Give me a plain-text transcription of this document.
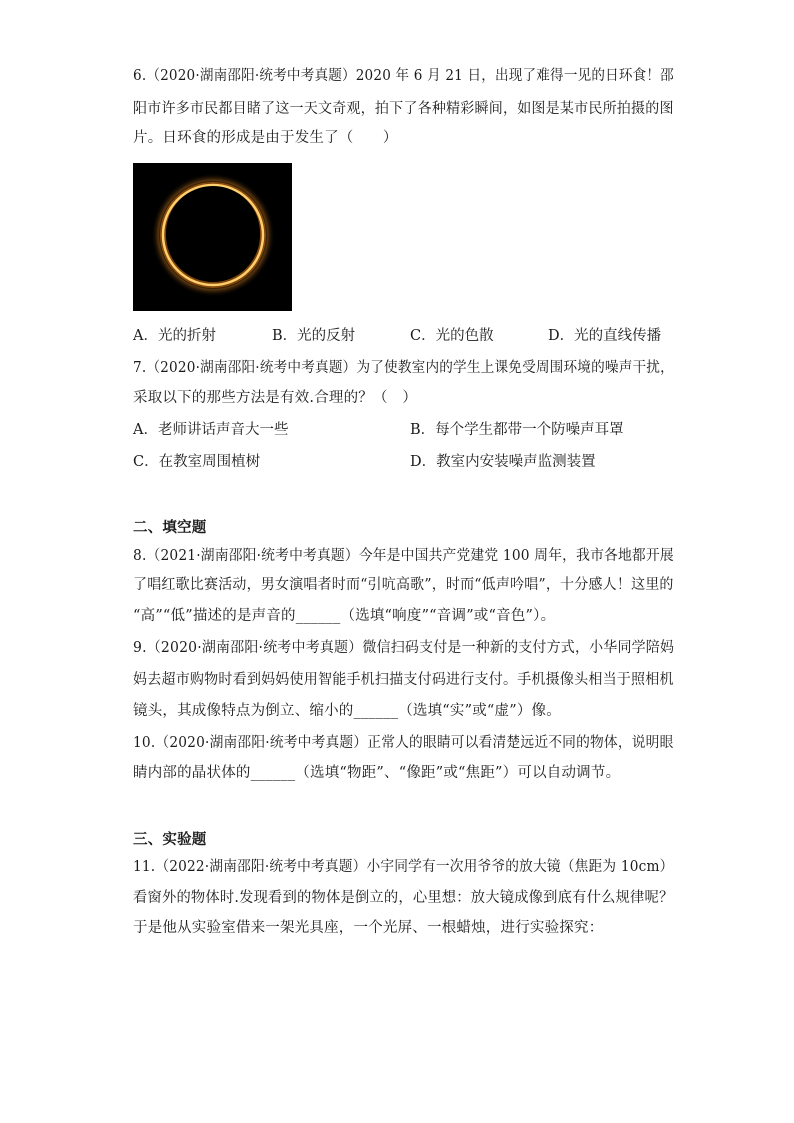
6.（2020·湖南邵阳·统考中考真题）2020 年 6 月 21 日，出现了难得一见的日环食！邵
阳市许多市民都目睹了这一天文奇观，拍下了各种精彩瞬间，如图是某市民所拍摄的图
片。日环食的形成是由于发生了（　　）
A．光的折射	B．光的反射	C．光的色散	D．光的直线传播
7.（2020·湖南邵阳·统考中考真题）为了使教室内的学生上课免受周围环境的噪声干扰，
采取以下的那些方法是有效.合理的？（　）
A．老师讲话声音大一些	B．每个学生都带一个防噪声耳罩
C．在教室周围植树	D．教室内安装噪声监测装置
二、填空题
8.（2021·湖南邵阳·统考中考真题）今年是中国共产党建党 100 周年，我市各地都开展
了唱红歌比赛活动，男女演唱者时而“引吭高歌”，时而“低声吟唱”，十分感人！这里的
“高”“低”描述的是声音的______（选填“响度”“音调”或“音色”）。
9.（2020·湖南邵阳·统考中考真题）微信扫码支付是一种新的支付方式，小华同学陪妈
妈去超市购物时看到妈妈使用智能手机扫描支付码进行支付。手机摄像头相当于照相机
镜头，其成像特点为倒立、缩小的______（选填“实”或“虚”）像。
10.（2020·湖南邵阳·统考中考真题）正常人的眼睛可以看清楚远近不同的物体，说明眼
睛内部的晶状体的______（选填“物距”、“像距”或“焦距”）可以自动调节。
三、实验题
11.（2022·湖南邵阳·统考中考真题）小宇同学有一次用爷爷的放大镜（焦距为 10cm）
看窗外的物体时.发现看到的物体是倒立的，心里想：放大镜成像到底有什么规律呢？
于是他从实验室借来一架光具座，一个光屏、一根蜡烛，进行实验探究：
